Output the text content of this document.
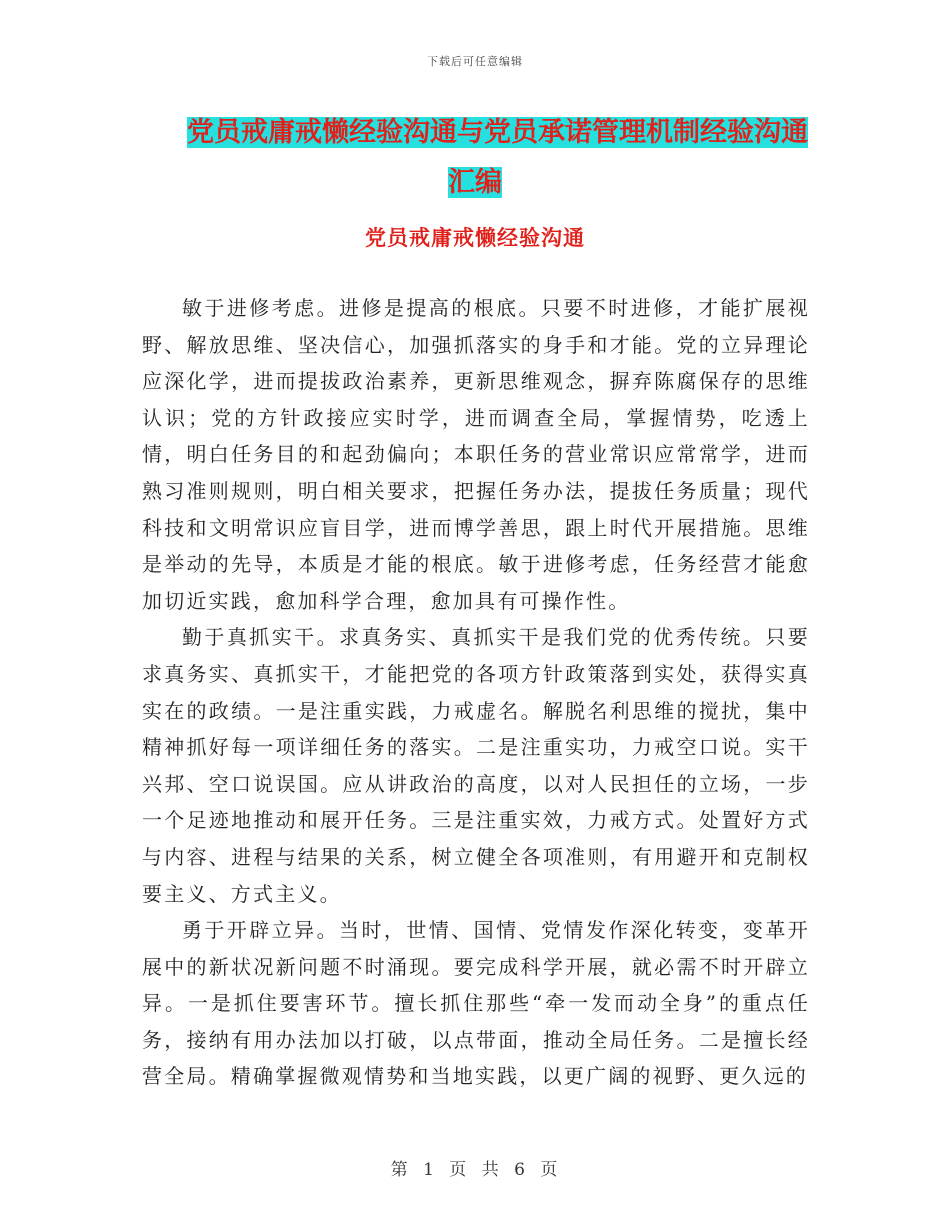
下载后可任意编辑
党员戒庸戒懒经验沟通与党员承诺管理机制经验沟通
汇编
党员戒庸戒懒经验沟通

敏于进修考虑。进修是提高的根底。只要不时进修，才能扩展视野、解放思维、坚决信心，加强抓落实的身手和才能。党的立异理论应深化学，进而提拔政治素养，更新思维观念，摒弃陈腐保存的思维认识；党的方针政接应实时学，进而调查全局，掌握情势，吃透上情，明白任务目的和起劲偏向；本职任务的营业常识应常常学，进而熟习准则规则，明白相关要求，把握任务办法，提拔任务质量；现代科技和文明常识应盲目学，进而博学善思，跟上时代开展措施。思维是举动的先导，本质是才能的根底。敏于进修考虑，任务经营才能愈加切近实践，愈加科学合理，愈加具有可操作性。

勤于真抓实干。求真务实、真抓实干是我们党的优秀传统。只要求真务实、真抓实干，才能把党的各项方针政策落到实处，获得实真实在的政绩。一是注重实践，力戒虚名。解脱名利思维的搅扰，集中精神抓好每一项详细任务的落实。二是注重实功，力戒空口说。实干兴邦、空口说误国。应从讲政治的高度，以对人民担任的立场，一步一个足迹地推动和展开任务。三是注重实效，力戒方式。处置好方式与内容、进程与结果的关系，树立健全各项准则，有用避开和克制权要主义、方式主义。

勇于开辟立异。当时，世情、国情、党情发作深化转变，变革开展中的新状况新问题不时涌现。要完成科学开展，就必需不时开辟立异。一是抓住要害环节。擅长抓住那些“牵一发而动全身”的重点任务，接纳有用办法加以打破，以点带面，推动全局任务。二是擅长经营全局。精确掌握微观情势和当地实践，以更广阔的视野、更久远的

第 1 页 共 6 页
